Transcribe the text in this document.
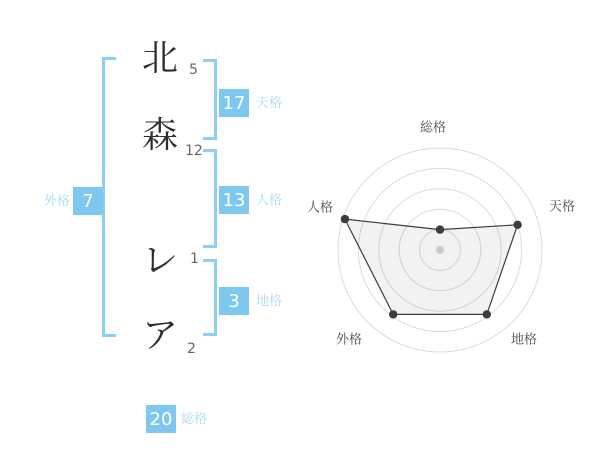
北
森
レ
ア
5
12
1
2
17 天格
13 人格
3	地格
外格 7
20 総格
総格
天格
地格
外格
人格
